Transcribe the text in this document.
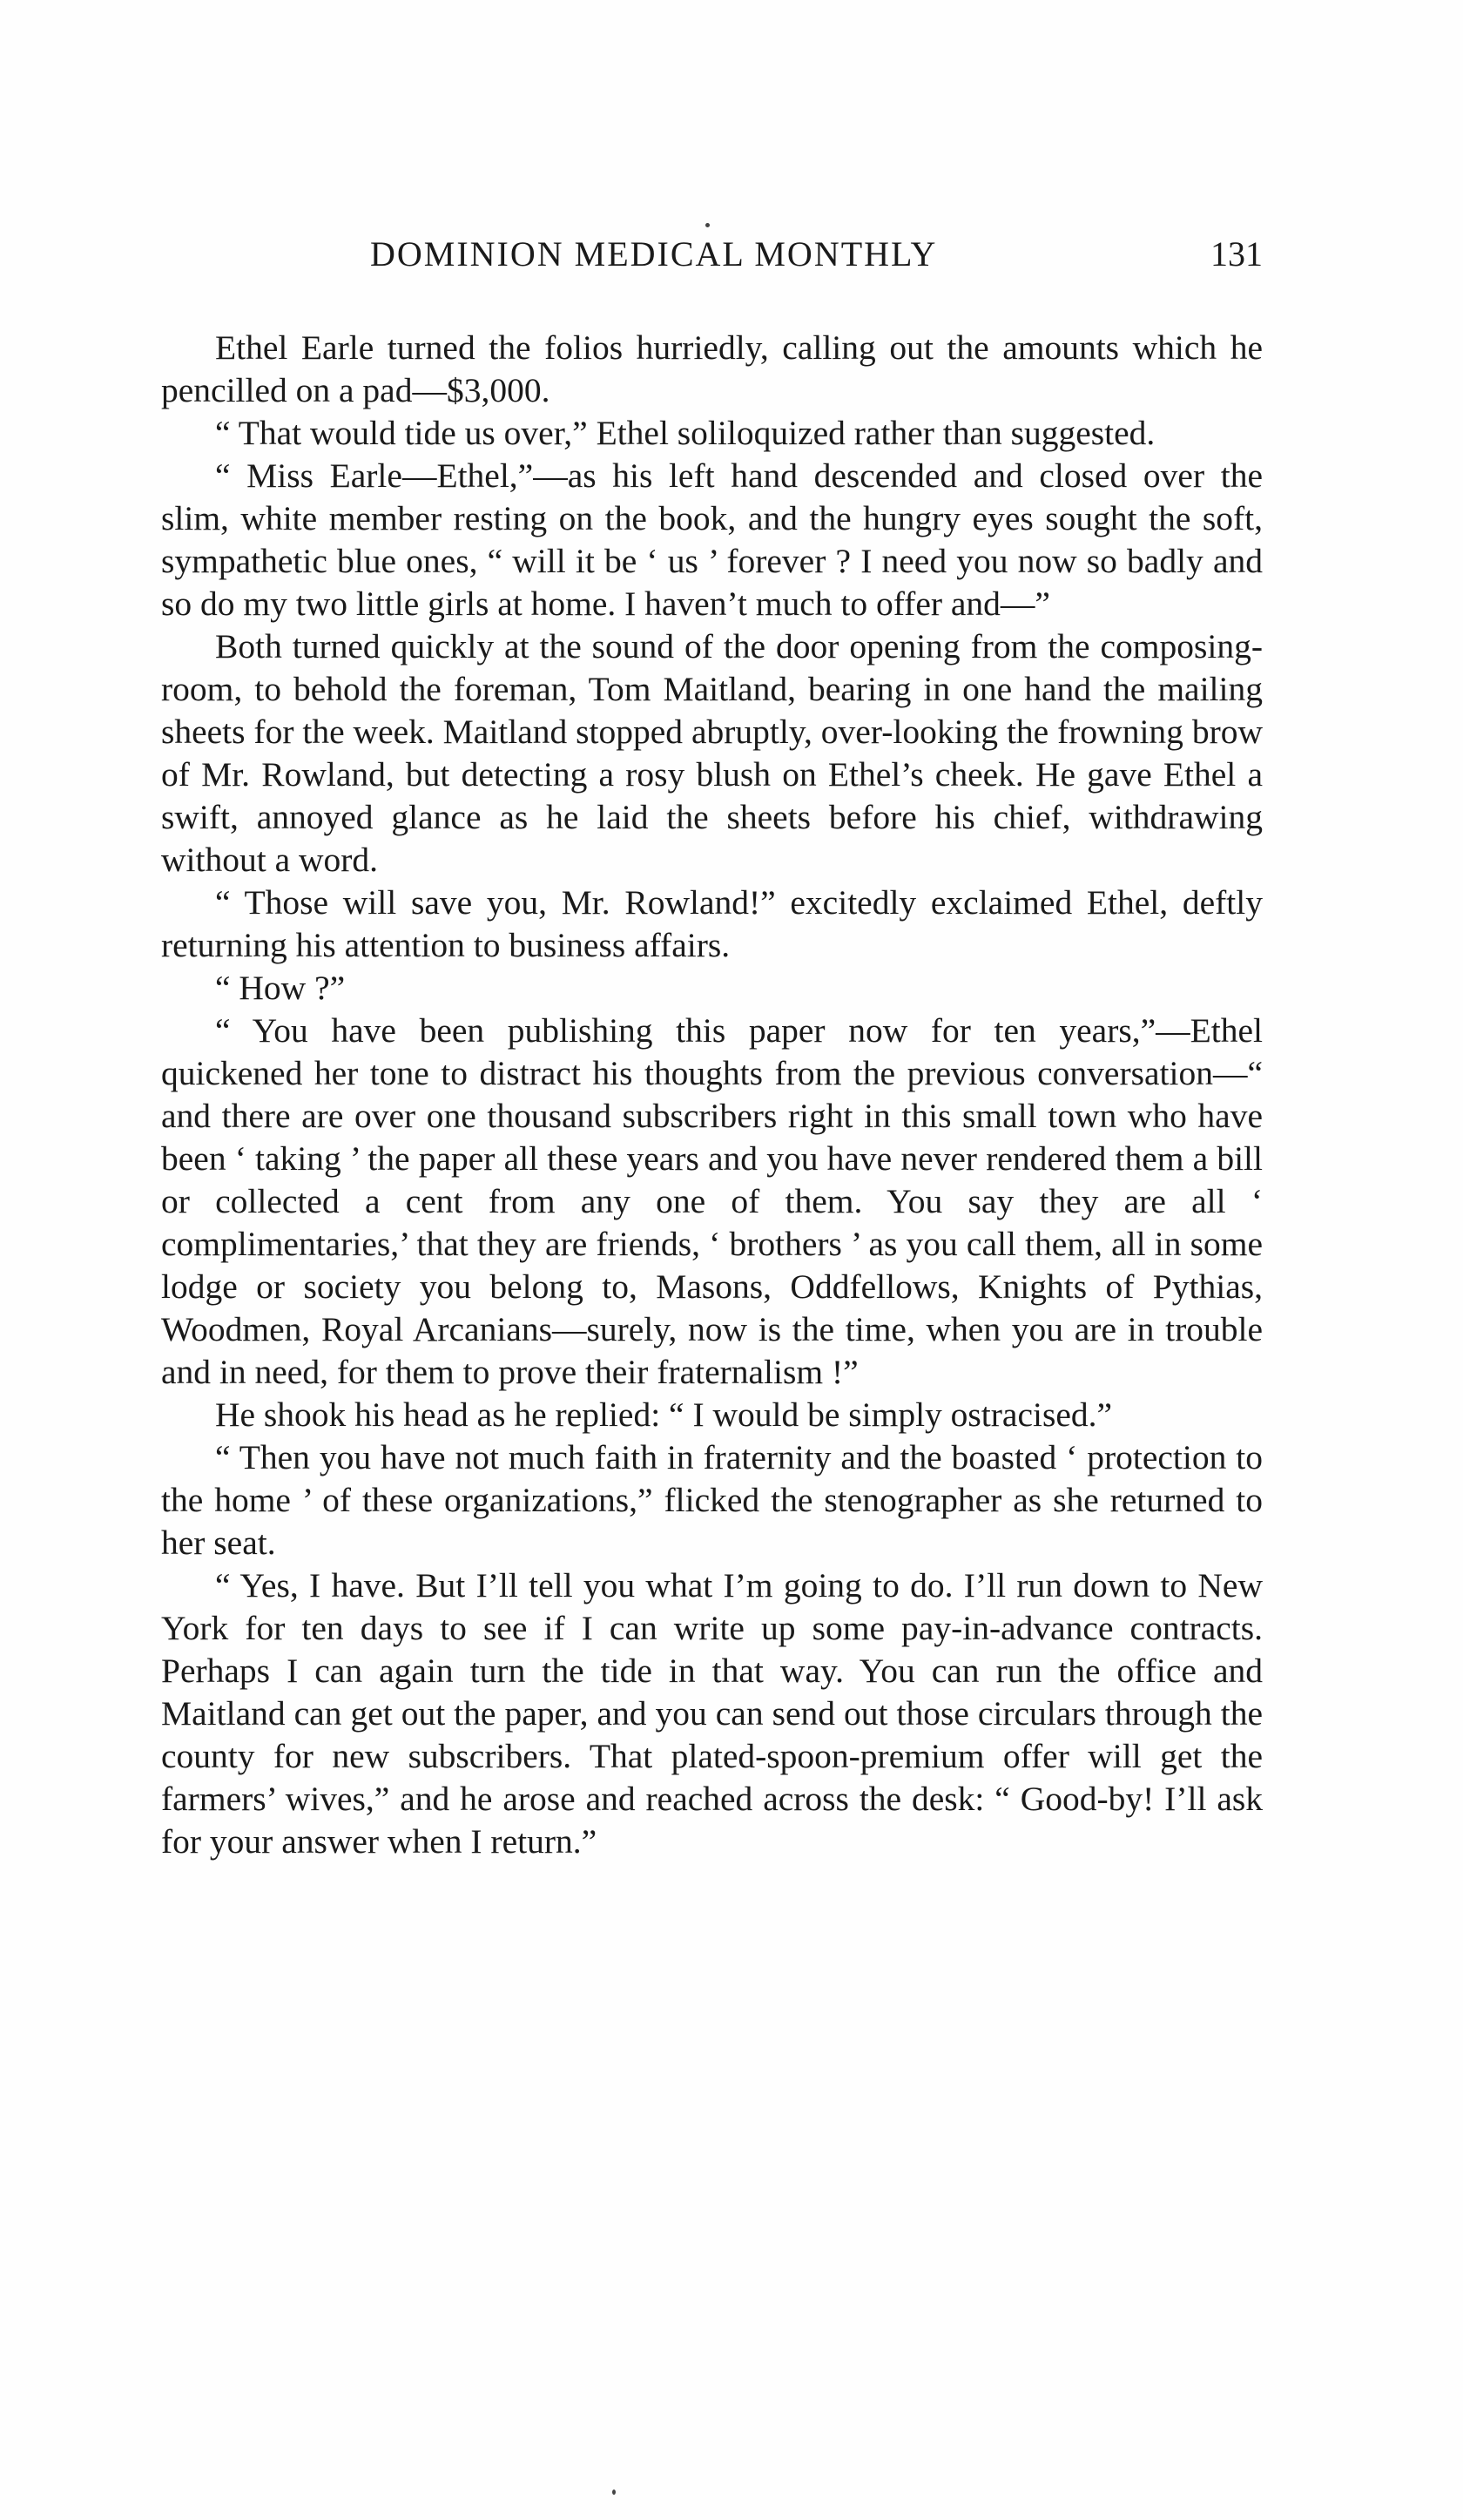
DOMINION MEDICAL MONTHLY	131

Ethel Earle turned the folios hurriedly, calling out the amounts which he pencilled on a pad—$3,000.

“ That would tide us over,” Ethel soliloquized rather than suggested.

“ Miss Earle—Ethel,”—as his left hand descended and closed over the slim, white member resting on the book, and the hungry eyes sought the soft, sympathetic blue ones, “ will it be ‘ us ’ forever ? I need you now so badly and so do my two little girls at home. I haven’t much to offer and—”

Both turned quickly at the sound of the door opening from the composing-room, to behold the foreman, Tom Maitland, bearing in one hand the mailing sheets for the week. Maitland stopped abruptly, over-looking the frowning brow of Mr. Rowland, but detecting a rosy blush on Ethel’s cheek. He gave Ethel a swift, annoyed glance as he laid the sheets before his chief, withdrawing without a word.

“ Those will save you, Mr. Rowland!” excitedly exclaimed Ethel, deftly returning his attention to business affairs.

“ How ?”

“ You have been publishing this paper now for ten years,”—Ethel quickened her tone to distract his thoughts from the previous conversation—“ and there are over one thousand subscribers right in this small town who have been ‘ taking ’ the paper all these years and you have never rendered them a bill or collected a cent from any one of them. You say they are all ‘ complimentaries,’ that they are friends, ‘ brothers ’ as you call them, all in some lodge or society you belong to, Masons, Oddfellows, Knights of Pythias, Woodmen, Royal Arcanians—surely, now is the time, when you are in trouble and in need, for them to prove their fraternalism !”

He shook his head as he replied: “ I would be simply ostracised.”

“ Then you have not much faith in fraternity and the boasted ‘ protection to the home ’ of these organizations,” flicked the stenographer as she returned to her seat.

“ Yes, I have. But I’ll tell you what I’m going to do. I’ll run down to New York for ten days to see if I can write up some pay-in-advance contracts. Perhaps I can again turn the tide in that way. You can run the office and Maitland can get out the paper, and you can send out those circulars through the county for new subscribers. That plated-spoon-premium offer will get the farmers’ wives,” and he arose and reached across the desk: “ Good-by! I’ll ask for your answer when I return.”
